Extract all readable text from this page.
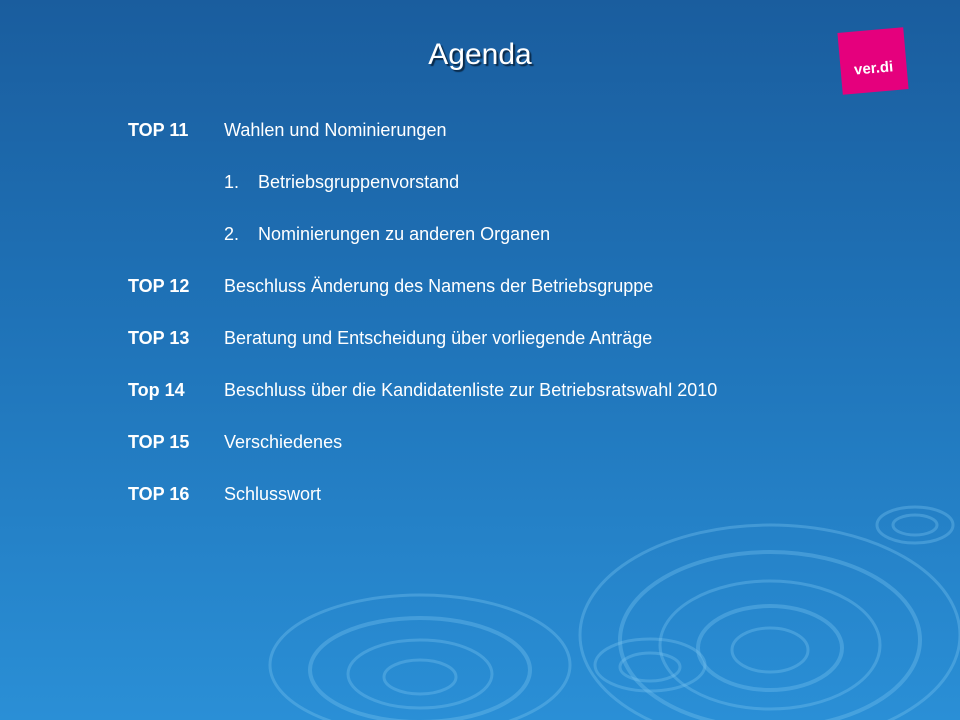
Agenda	ver.di
TOP 11 Wahlen und Nominierungen
1. Betriebsgruppenvorstand
2. Nominierungen zu anderen Organen
TOP 12 Beschluss Änderung des Namens der Betriebsgruppe
TOP 13 Beratung und Entscheidung über vorliegende Anträge
Top 14 Beschluss über die Kandidatenliste zur Betriebsratswahl 2010
TOP 15 Verschiedenes
TOP 16 Schlusswort
